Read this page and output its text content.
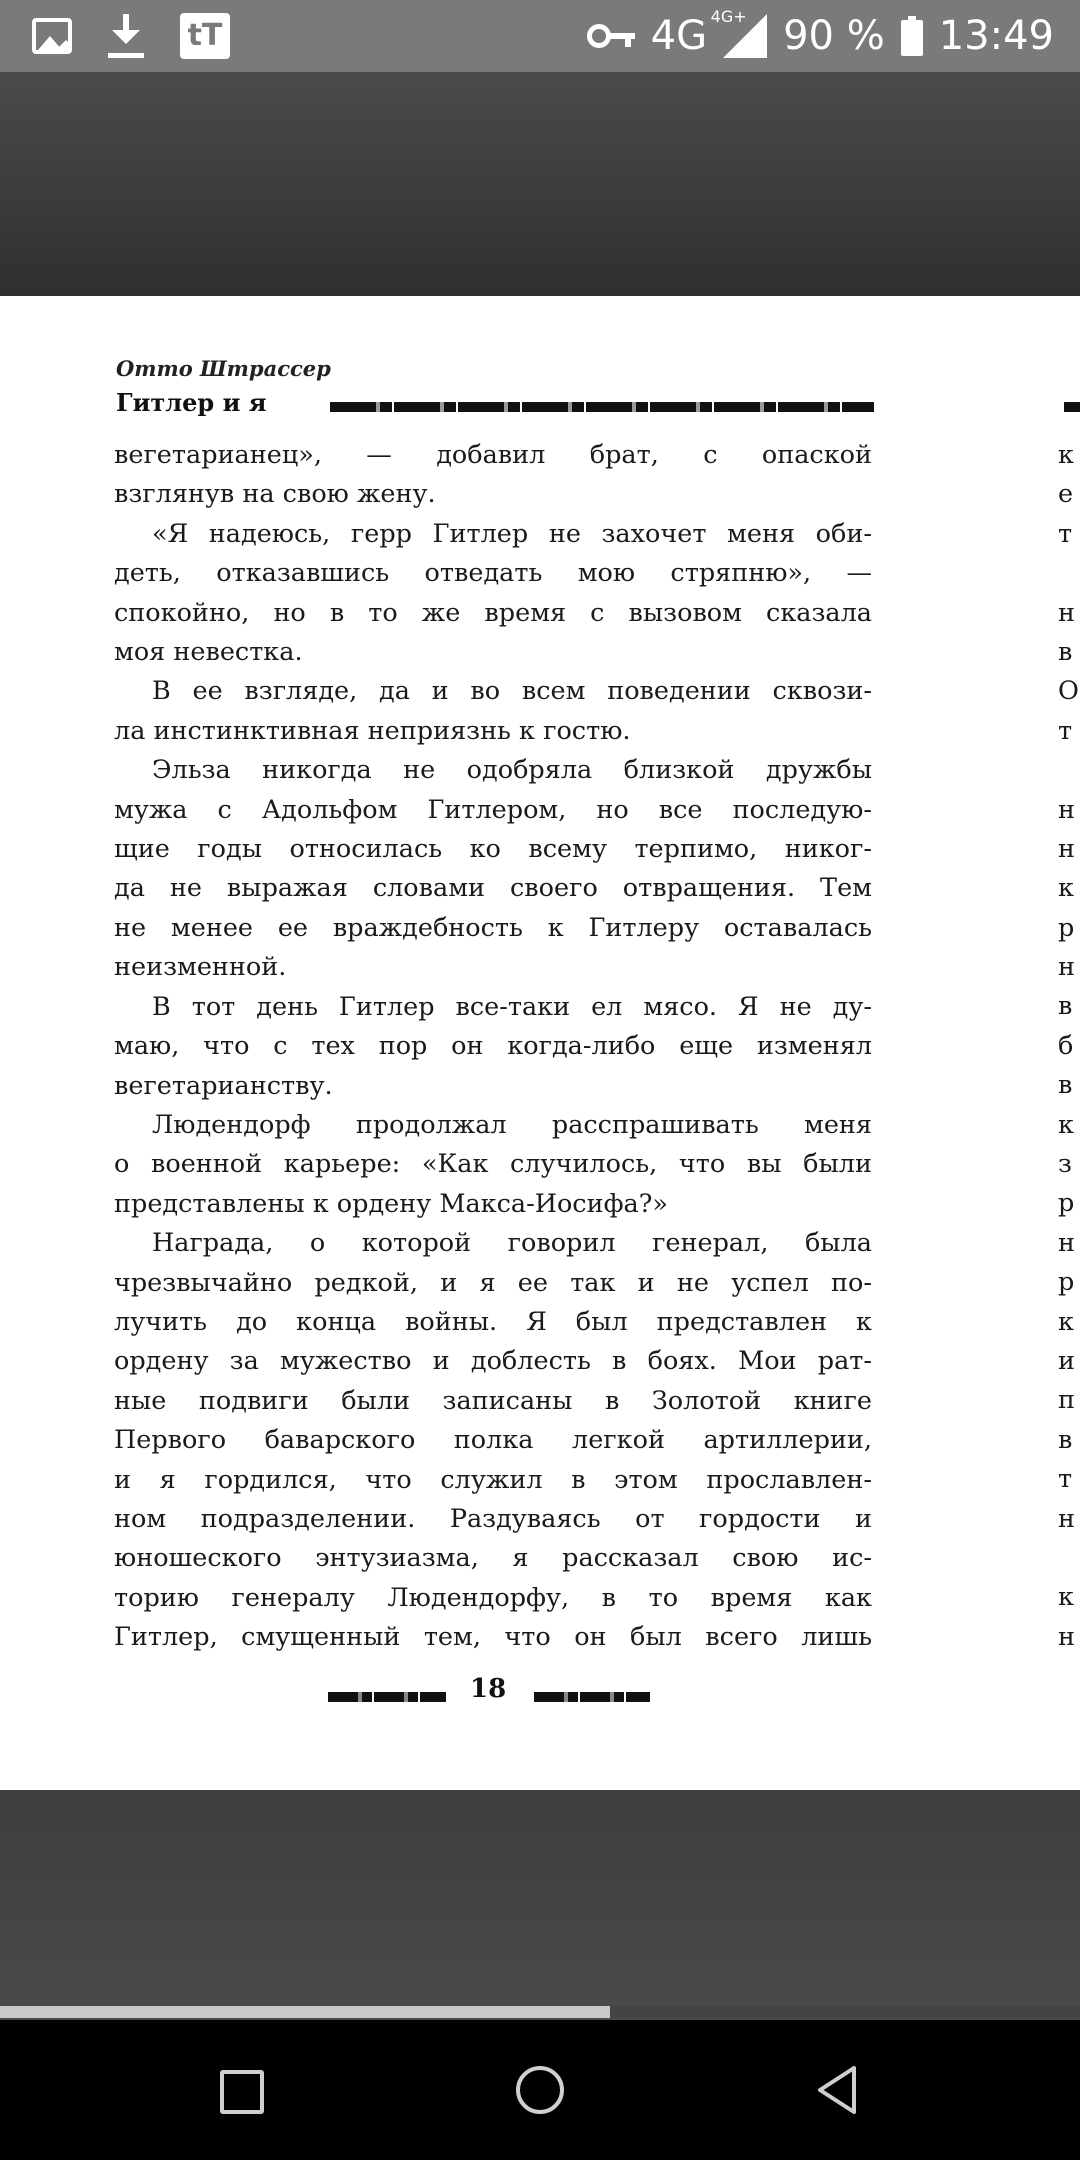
tT	4G 4G+ 90 % 13:49
Отто Штрассер
Гитлер и я

вегетарианец», — добавил брат, с опаской
взглянув на свою жену.

«Я надеюсь, герр Гитлер не захочет меня оби-
деть, отказавшись отведать мою стряпню», —
спокойно, но в то же время с вызовом сказала
моя невестка.

В ее взгляде, да и во всем поведении сквози-
ла инстинктивная неприязнь к гостю.

Эльза никогда не одобряла близкой дружбы
мужа с Адольфом Гитлером, но все последую-
щие годы относилась ко всему терпимо, никог-
да не выражая словами своего отвращения. Тем
не менее ее враждебность к Гитлеру оставалась
неизменной.

В тот день Гитлер все-таки ел мясо. Я не ду-
маю, что с тех пор он когда-либо еще изменял
вегетарианству.

Людендорф продолжал расспрашивать меня
о военной карьере: «Как случилось, что вы были
представлены к ордену Макса-Иосифа?»

Награда, о которой говорил генерал, была
чрезвычайно редкой, и я ее так и не успел по-
лучить до конца войны. Я был представлен к
ордену за мужество и доблесть в боях. Мои рат-
ные подвиги были записаны в Золотой книге
Первого баварского полка легкой артиллерии,
и я гордился, что служил в этом прославлен-
ном подразделении. Раздуваясь от гордости и
юношеского энтузиазма, я рассказал свою ис-
торию генералу Людендорфу, в то время как
Гитлер, смущенный тем, что он был всего лишь

к
е
т
н
в
О
т
н
н
к
р
н
в
б
в
к
з
р
н
р
к
и
п
в
т
н
к
н
18
